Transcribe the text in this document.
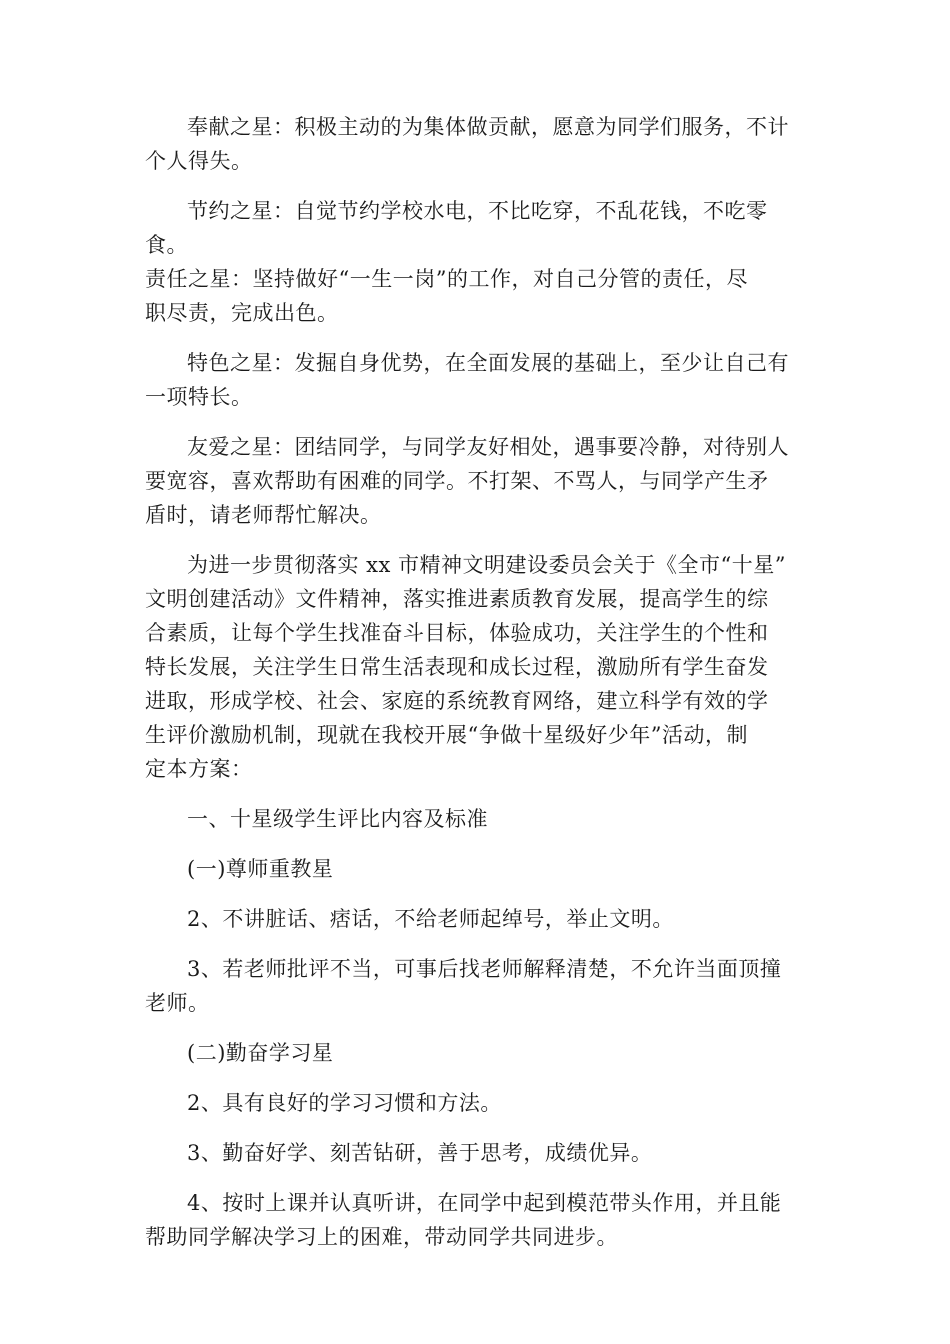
奉献之星：积极主动的为集体做贡献，愿意为同学们服务，不计
个人得失。
节约之星：自觉节约学校水电，不比吃穿，不乱花钱，不吃零食。
责任之星：坚持做好“一生一岗”的工作，对自己分管的责任，尽
职尽责，完成出色。
特色之星：发掘自身优势，在全面发展的基础上，至少让自己有
一项特长。
友爱之星：团结同学，与同学友好相处，遇事要冷静，对待别人
要宽容，喜欢帮助有困难的同学。不打架、不骂人，与同学产生矛
盾时，请老师帮忙解决。
为进一步贯彻落实 xx 市精神文明建设委员会关于《全市“十星”
文明创建活动》文件精神，落实推进素质教育发展，提高学生的综
合素质，让每个学生找准奋斗目标，体验成功，关注学生的个性和
特长发展，关注学生日常生活表现和成长过程，激励所有学生奋发
进取，形成学校、社会、家庭的系统教育网络，建立科学有效的学
生评价激励机制，现就在我校开展“争做十星级好少年”活动，制
定本方案：
一、十星级学生评比内容及标准
(一)尊师重教星
2、不讲脏话、痞话，不给老师起绰号，举止文明。
3、若老师批评不当，可事后找老师解释清楚，不允许当面顶撞
老师。
(二)勤奋学习星
2、具有良好的学习习惯和方法。
3、勤奋好学、刻苦钻研，善于思考，成绩优异。
4、按时上课并认真听讲，在同学中起到模范带头作用，并且能
帮助同学解决学习上的困难，带动同学共同进步。
